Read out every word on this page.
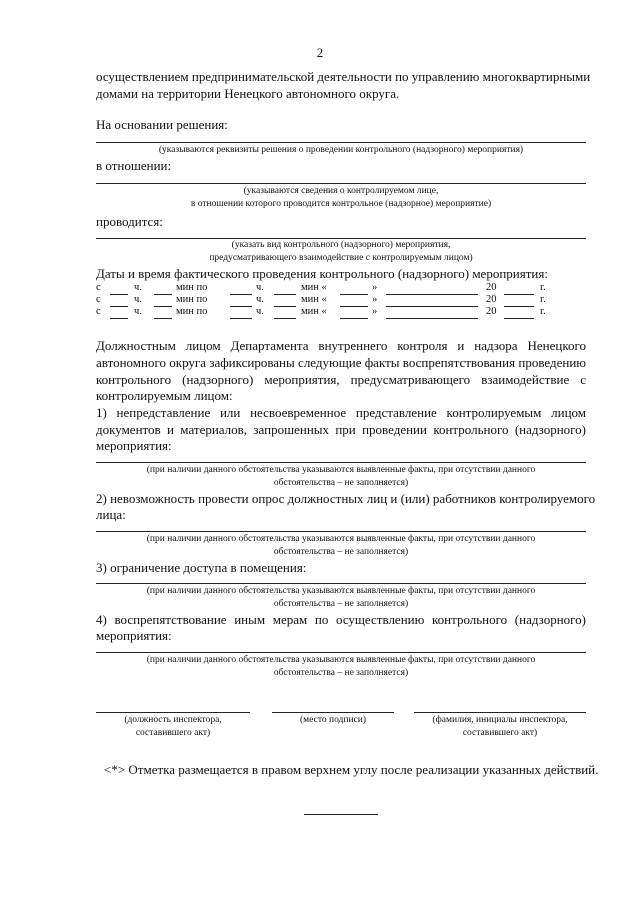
2
осуществлением предпринимательской деятельности по управлению многоквартирными
домами на территории Ненецкого автономного округа.
На основании решения:
(указываются реквизиты решения о проведении контрольного (надзорного) мероприятия)
в отношении:
(указываются сведения о контролируемом лице,
в отношении которого проводится контрольное (надзорное) мероприятие)
проводится:
(указать вид контрольного (надзорного) мероприятия,
предусматривающего взаимодействие с контролируемым лицом)
Даты и время фактического проведения контрольного (надзорного) мероприятия:
с	ч.	мин по	ч.	мин «	»	20	г.
с	ч.	мин по	ч.	мин «	»	20	г.
с	ч.	мин по	ч.	мин «	»	20	г.
Должностным лицом Департамента внутреннего контроля и надзора Ненецкого
автономного округа зафиксированы следующие факты воспрепятствования проведению
контрольного (надзорного) мероприятия, предусматривающего взаимодействие с
контролируемым лицом:
1) непредставление или несвоевременное представление контролируемым лицом
документов и материалов, запрошенных при проведении контрольного (надзорного)
мероприятия:
(при наличии данного обстоятельства указываются выявленные факты, при отсутствии данного
обстоятельства – не заполняется)
2) невозможность провести опрос должностных лиц и (или) работников контролируемого
лица:
(при наличии данного обстоятельства указываются выявленные факты, при отсутствии данного
обстоятельства – не заполняется)
3) ограничение доступа в помещения:
(при наличии данного обстоятельства указываются выявленные факты, при отсутствии данного
обстоятельства – не заполняется)
4) воспрепятствование иным мерам по осуществлению контрольного (надзорного)
мероприятия:
(при наличии данного обстоятельства указываются выявленные факты, при отсутствии данного
обстоятельства – не заполняется)
(должность инспектора,
составившего акт)
(место подписи)	(фамилия, инициалы инспектора,
составившего акт)
<*> Отметка размещается в правом верхнем углу после реализации указанных действий.
